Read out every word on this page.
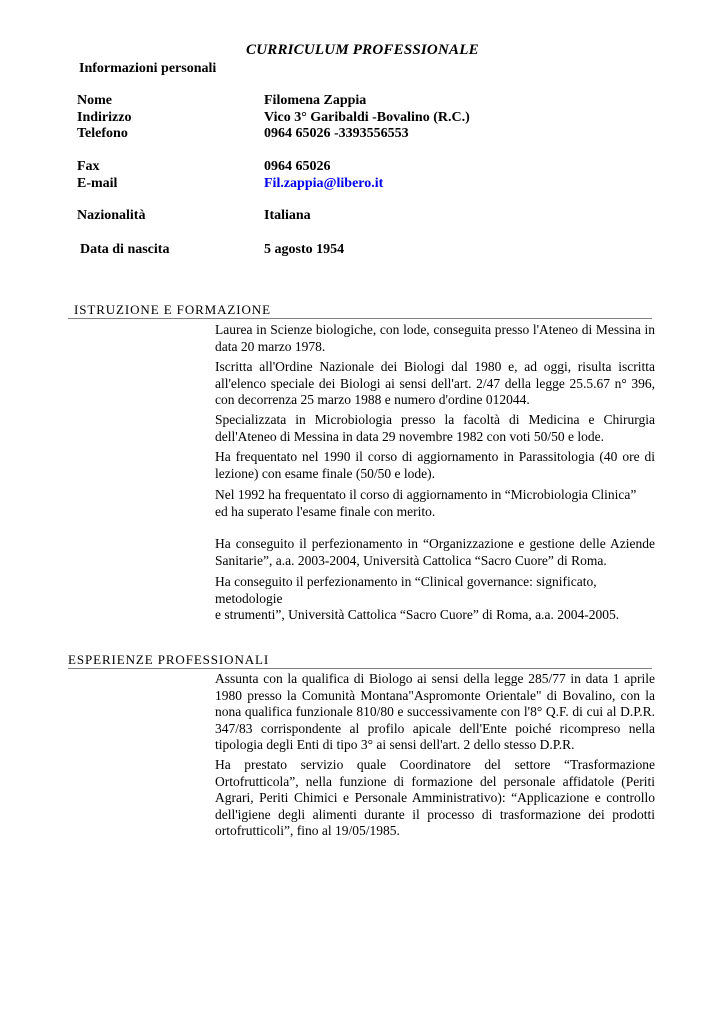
CURRICULUM PROFESSIONALE
Informazioni personali
Nome	Filomena Zappia
Indirizzo	Vico 3° Garibaldi -Bovalino (R.C.)
Telefono	0964 65026 -3393556553
Fax	0964 65026
E-mail	Fil.zappia@libero.it
Nazionalità	Italiana
Data di nascita	5 agosto 1954
ISTRUZIONE E FORMAZIONE
Laurea in Scienze biologiche, con lode, conseguita presso l'Ateneo di Messina in data 20 marzo 1978.
Iscritta all'Ordine Nazionale dei Biologi dal 1980 e, ad oggi, risulta iscritta all'elenco speciale dei Biologi ai sensi dell'art. 2/47 della legge 25.5.67 n° 396, con decorrenza 25 marzo 1988 e numero d'ordine 012044.
Specializzata in Microbiologia presso la facoltà di Medicina e Chirurgia dell'Ateneo di Messina in data 29 novembre 1982 con voti 50/50 e lode.
Ha frequentato nel 1990 il corso di aggiornamento in Parassitologia (40 ore di lezione) con esame finale (50/50 e lode).
Nel 1992 ha frequentato il corso di aggiornamento in “Microbiologia Clinica”
ed ha superato l'esame finale con merito.
Ha conseguito il perfezionamento in “Organizzazione e gestione delle Aziende Sanitarie”, a.a. 2003-2004, Università Cattolica “Sacro Cuore” di Roma.
Ha conseguito il perfezionamento in “Clinical governance: significato,
metodologie
e strumenti”, Università Cattolica “Sacro Cuore” di Roma, a.a. 2004-2005.
ESPERIENZE PROFESSIONALI
Assunta con la qualifica di Biologo ai sensi della legge 285/77 in data 1 aprile 1980 presso la Comunità Montana"Aspromonte Orientale" di Bovalino, con la nona qualifica funzionale 810/80 e successivamente con l'8° Q.F. di cui al D.P.R. 347/83 corrispondente al profilo apicale dell'Ente poiché ricompreso nella tipologia degli Enti di tipo 3° ai sensi dell'art. 2 dello stesso D.P.R.
Ha prestato servizio quale Coordinatore del settore “Trasformazione Ortofrutticola”, nella funzione di formazione del personale affidatole (Periti Agrari, Periti Chimici e Personale Amministrativo): “Applicazione e controllo dell'igiene degli alimenti durante il processo di trasformazione dei prodotti ortofrutticoli”, fino al 19/05/1985.
